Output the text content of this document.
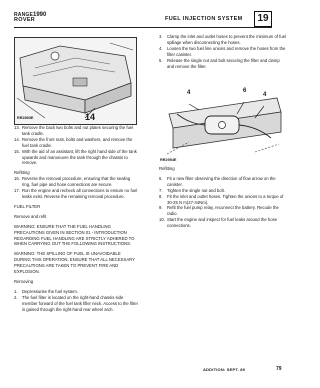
RANGE
ROVER
1990
FUEL INJECTION SYSTEM	19
RR2803E	14
4	6
4
RR2954E
13. Remove the back two bolts and nut plates securing the fuel tank cradle.
14. Remove the front nuts, bolts and washers, and remove the fuel tank cradle.
15. With the aid of an assistant, lift the right hand side of the tank upwards and manoeuvre the tank through the chassis to remove.

Refitting

16. Reverse the removal procedure, ensuring that the sealing ring, fuel pipe and hose connections are secure.
17. Run the engine and recheck all connections to ensure no fuel leaks exist. Reverse the remaining removal procedure.

FUEL FILTER

Remove and refit

WARNING: ENSURE THAT THE FUEL HANDLING PRECAUTIONS GIVEN IN SECTION 01 - INTRODUCTION REGARDING FUEL HANDLING ARE STRICTLY ADHERED TO WHEN CARRYING OUT THE FOLLOWING INSTRUCTIONS.

WARNING: THE SPILLING OF FUEL IS UNAVOIDABLE DURING THIS OPERATION. ENSURE THAT ALL NECESSARY PRECAUTIONS ARE TAKEN TO PREVENT FIRE AND EXPLOSION.

Removing

1.	Depressurise the fuel system.
2.	The fuel filter is located on the right-hand chassis side member forward of the fuel tank filler neck. Access to the filter is gained through the right-hand rear wheel arch.
3.	Clamp the inlet and outlet hoses to prevent the minimum of fuel spillage when disconnecting the hoses.
4.	Loosen the two fuel line unions and remove the hoses from the filter canister.
5.	Release the single nut and bolt securing the filter and clamp and remove the filter.

Refitting

6.	Fit a new filter observing the direction of flow arrow on the canister.
7.	Tighten the single nut and bolt.
8.	Fit the inlet and outlet hoses. Tighten the unions to a torque of 30-25 N m(27-34Nm).
9.	Refit the fuel pump relay, reconnect the battery. Recode the radio.
10. Start the engine and inspect for fuel leaks around the hose connections.
ADDITION: SEPT. 89	79
